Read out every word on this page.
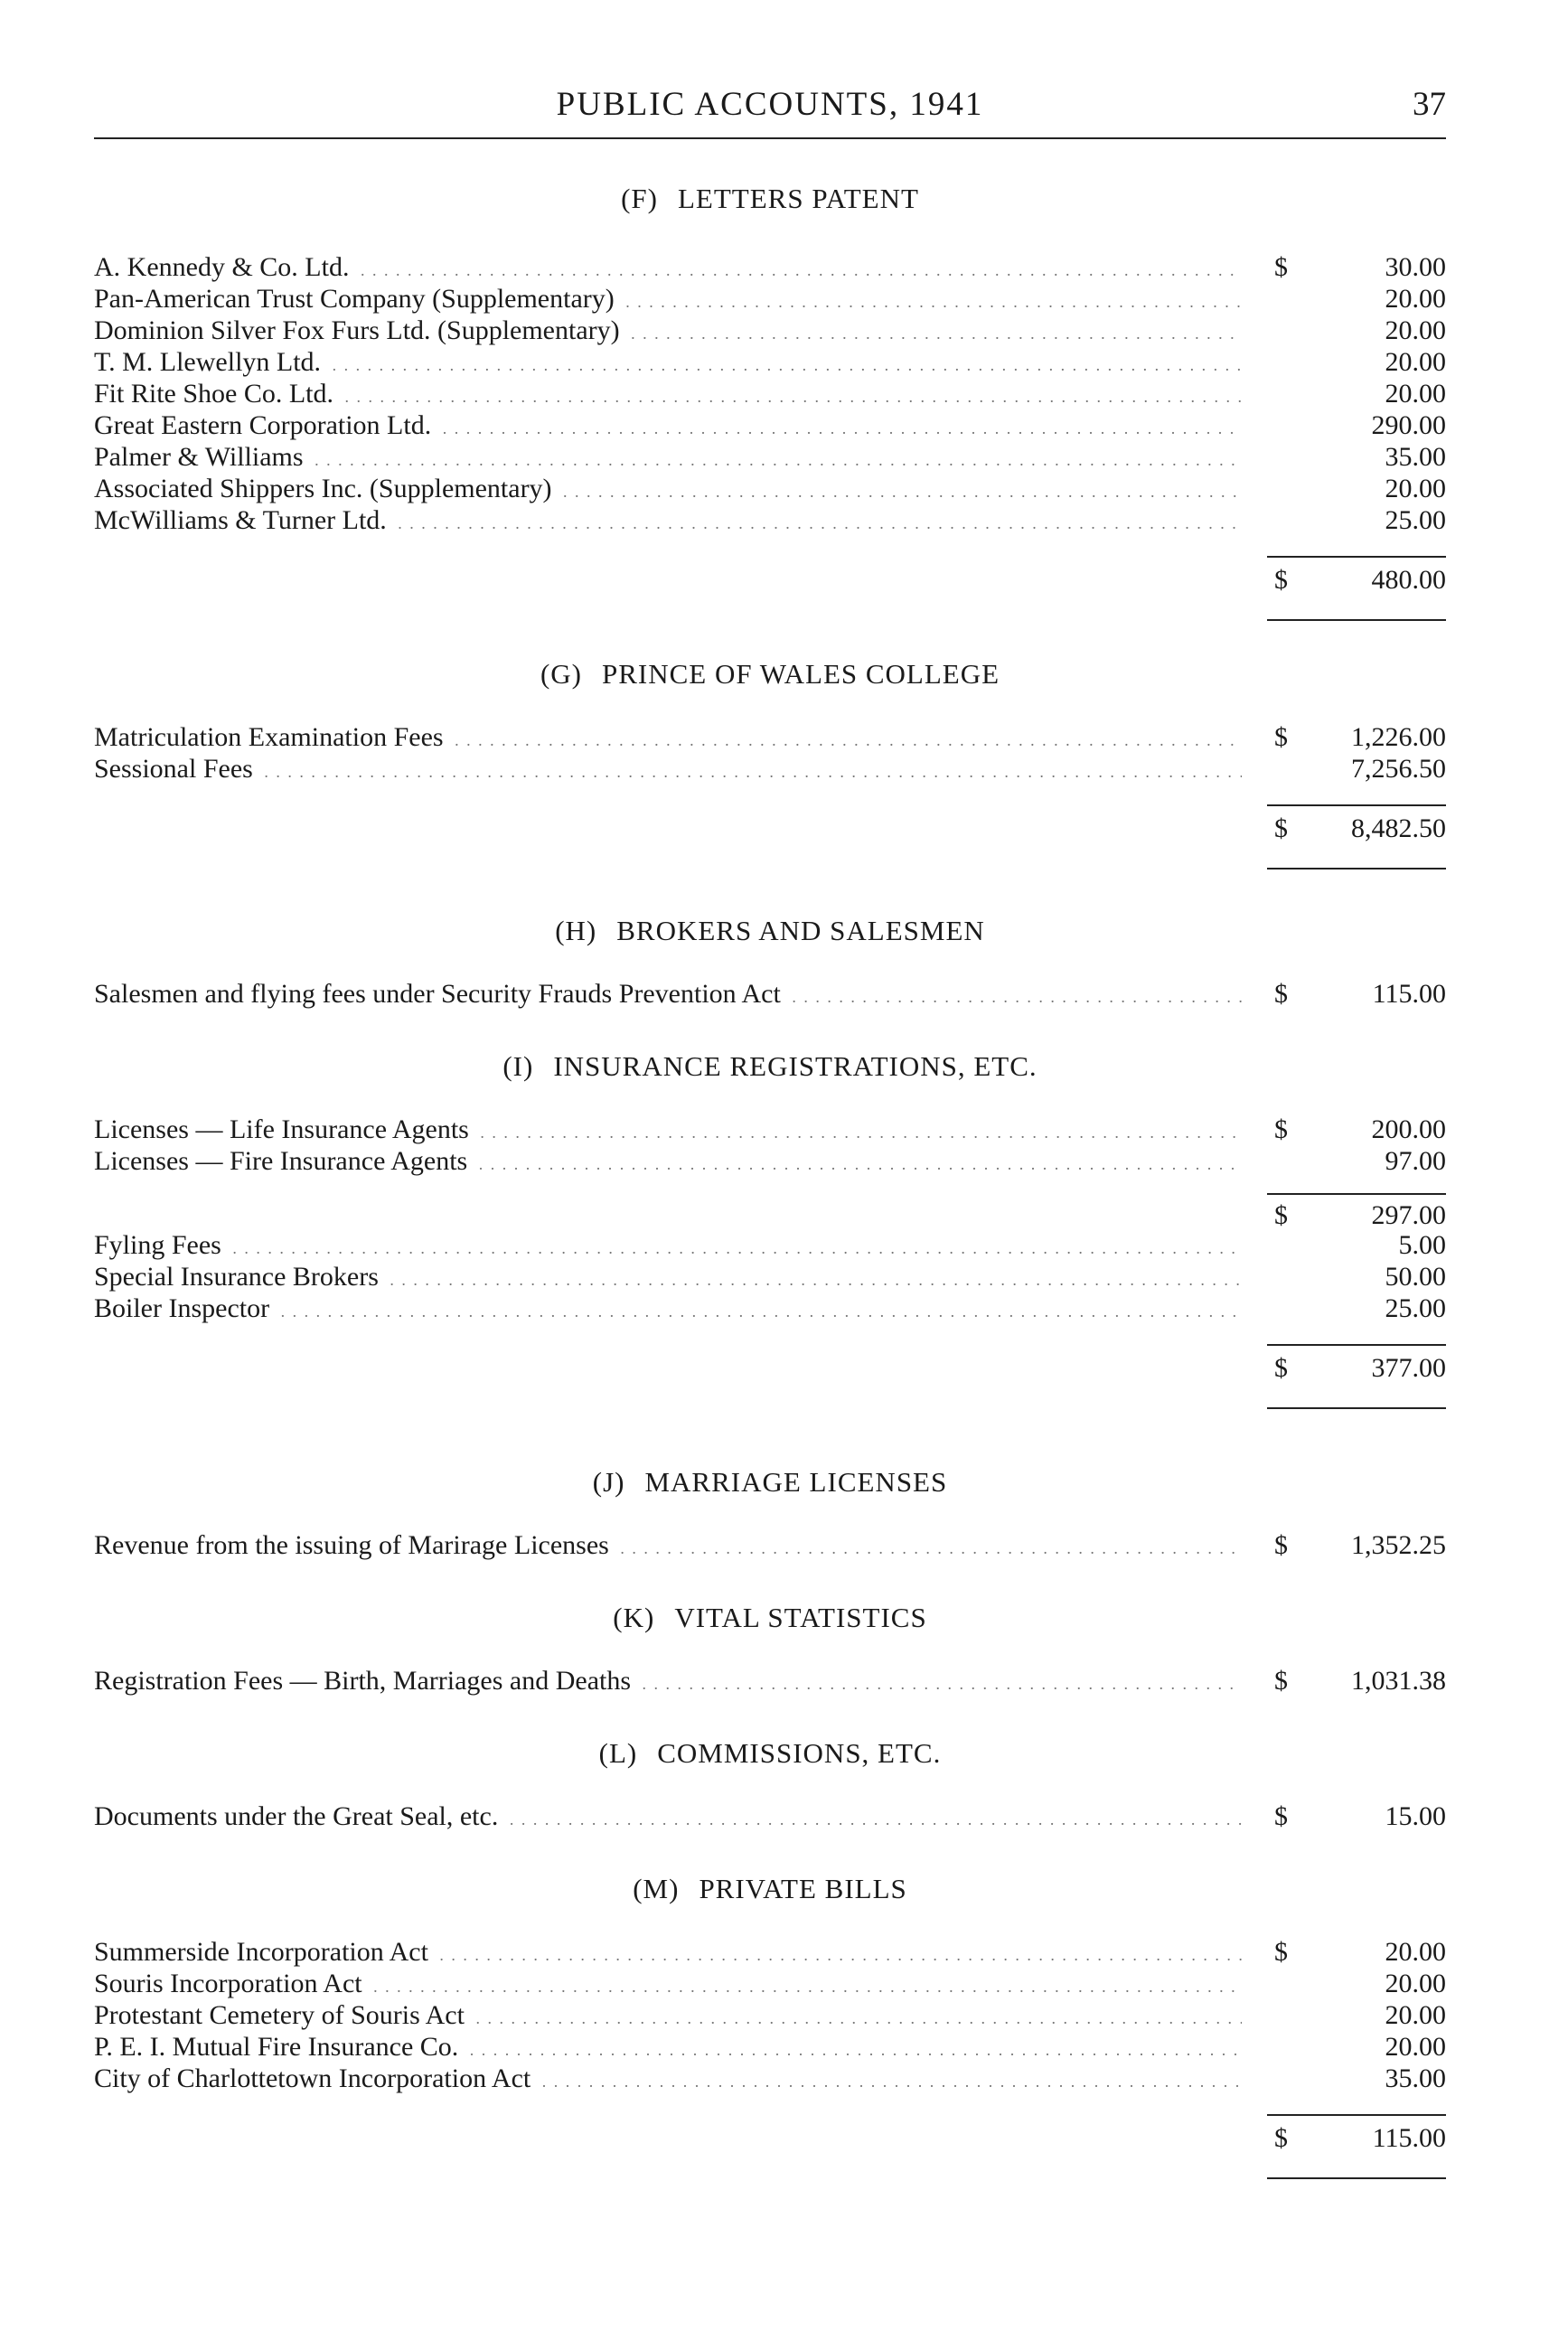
PUBLIC ACCOUNTS, 1941	37
(F) LETTERS PATENT
A. Kennedy & Co. Ltd. . . .	$	30.00
Pan-American Trust Company (Supplementary) . . .	20.00
Dominion Silver Fox Furs Ltd. (Supplementary) . . .	20.00
T. M. Llewellyn Ltd. . . .	20.00
Fit Rite Shoe Co. Ltd. . . .	20.00
Great Eastern Corporation Ltd. . . .	290.00
Palmer & Williams . . .	35.00
Associated Shippers Inc. (Supplementary) . . .	20.00
McWilliams & Turner Ltd. . . .	25.00
$	480.00
(G) PRINCE OF WALES COLLEGE
Matriculation Examination Fees . . .	$	1,226.00
Sessional Fees . . .	7,256.50
$ 8,482.50
(H) BROKERS AND SALESMEN
Salesmen and flying fees under Security Frauds Prevention Act . . .	$	115.00
(I) INSURANCE REGISTRATIONS, ETC.
Licenses — Life Insurance Agents . . .	$	200.00
Licenses — Fire Insurance Agents . . .	97.00
$	297.00
Fyling Fees . . .	5.00
Special Insurance Brokers . . .	50.00
Boiler Inspector . . .	25.00
$	377.00
(J) MARRIAGE LICENSES
Revenue from the issuing of Marirage Licenses . . .	$	1,352.25
(K) VITAL STATISTICS
Registration Fees — Birth, Marriages and Deaths . . .	$	1,031.38
(L) COMMISSIONS, ETC.
Documents under the Great Seal, etc. . . .	$	15.00
(M) PRIVATE BILLS
Summerside Incorporation Act . . .	$	20.00
Souris Incorporation Act . . .	20.00
Protestant Cemetery of Souris Act . . .	20.00
P. E. I. Mutual Fire Insurance Co. . . .	20.00
City of Charlottetown Incorporation Act . . .	35.00
$	115.00
